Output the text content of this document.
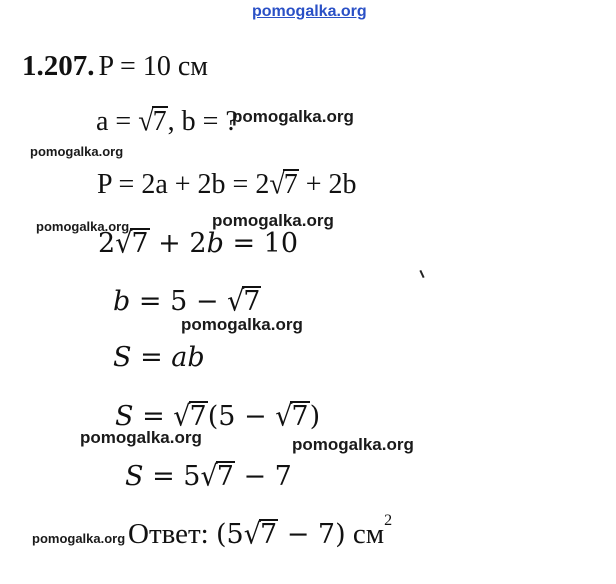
pomogalka.org
1.207. P = 10 см
a = √7, b = ?
pomogalka.org
pomogalka.org
P = 2a + 2b = 2√7 + 2b
pomogalka.org	pomogalka.org
2√7 + 2b = 10
b = 5 − √7
pomogalka.org
S = ab
S = √7(5 − √7)
pomogalka.org	pomogalka.org
S = 5√7 − 7
pomogalka.org Ответ: (5√7 − 7) $см^2$
